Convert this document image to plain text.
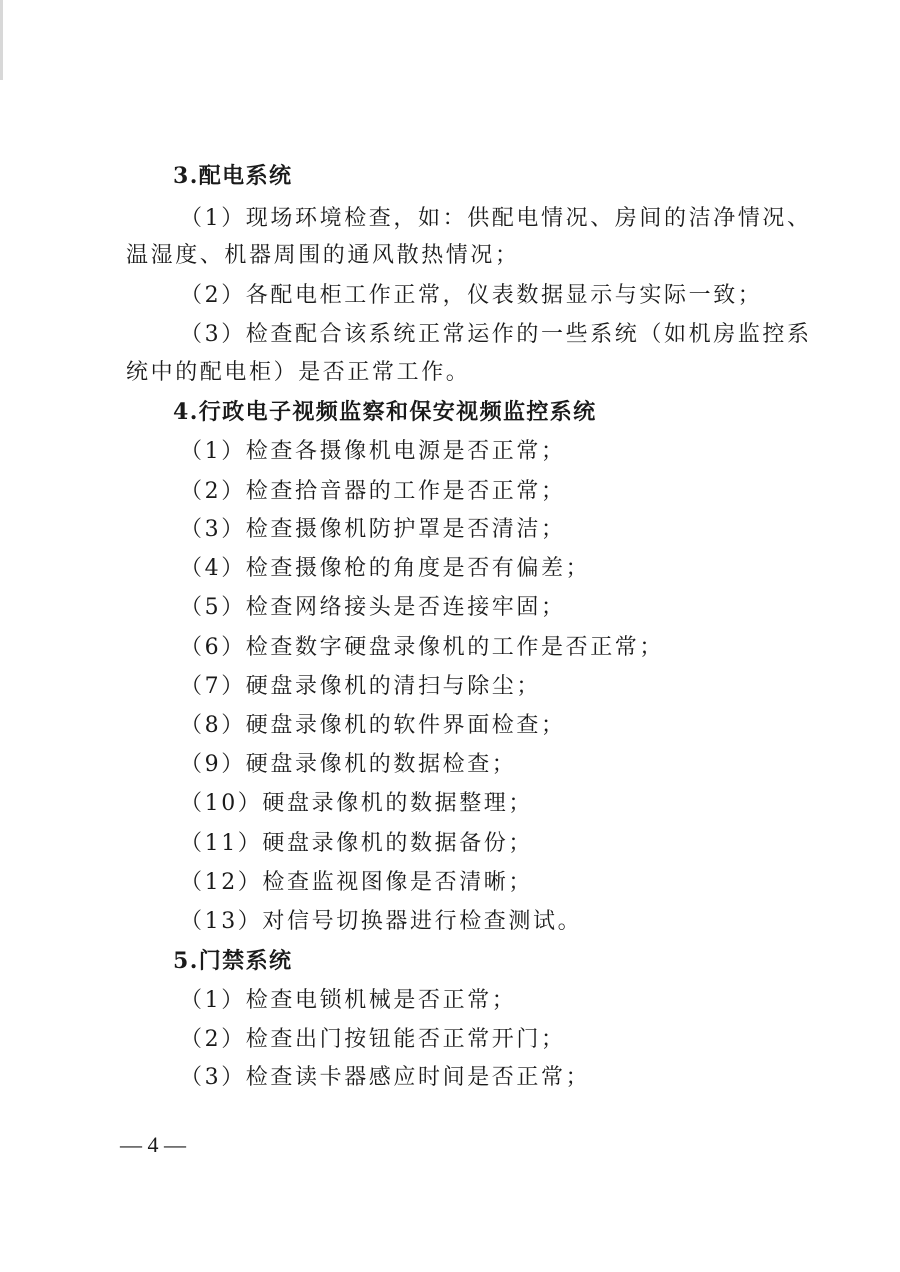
3.配电系统
（1）现场环境检查，如：供配电情况、房间的洁净情况、
温湿度、机器周围的通风散热情况；
（2）各配电柜工作正常，仪表数据显示与实际一致；
（3）检查配合该系统正常运作的一些系统（如机房监控系
统中的配电柜）是否正常工作。
4.行政电子视频监察和保安视频监控系统
（1）检查各摄像机电源是否正常；
（2）检查拾音器的工作是否正常；
（3）检查摄像机防护罩是否清洁；
（4）检查摄像枪的角度是否有偏差；
（5）检查网络接头是否连接牢固；
（6）检查数字硬盘录像机的工作是否正常；
（7）硬盘录像机的清扫与除尘；
（8）硬盘录像机的软件界面检查；
（9）硬盘录像机的数据检查；
（10）硬盘录像机的数据整理；
（11）硬盘录像机的数据备份；
（12）检查监视图像是否清晰；
（13）对信号切换器进行检查测试。
5.门禁系统
（1）检查电锁机械是否正常；
（2）检查出门按钮能否正常开门；
（3）检查读卡器感应时间是否正常；
— 4 —
